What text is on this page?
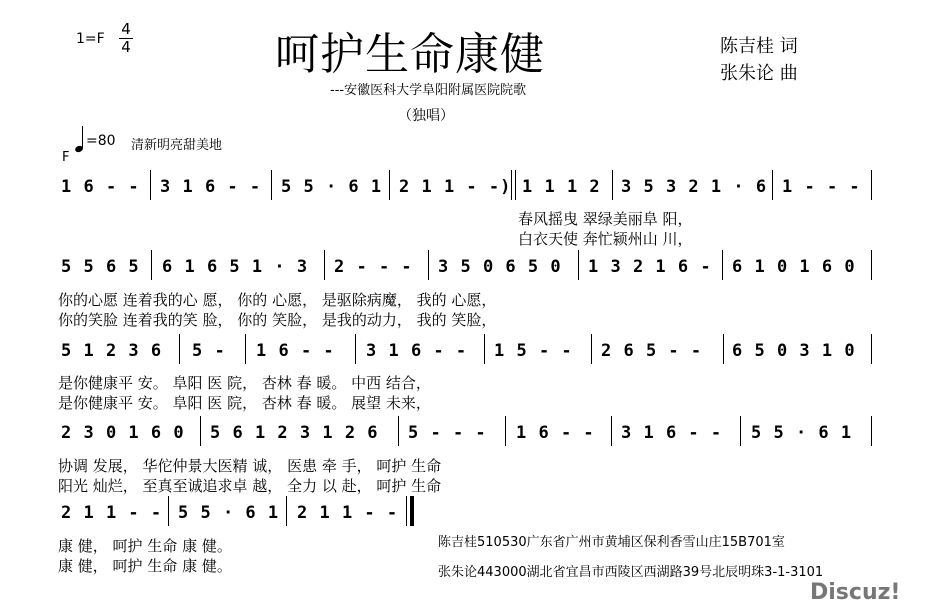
呵护生命康健
---安徽医科大学阜阳附属医院院歌
（独唱）
1=F
4
4	陈吉桂 词
张朱论 曲
=80
F
清新明亮甜美地
1 6 - - 3 1 6 - - 5 5 · 6 1 2 1 1 - -) 1 1 1 2 3 5 3 2 1 · 6 1 - - -
春风摇曳 翠绿美丽阜 阳，
白衣天使 奔忙颍州山 川，
5 5 6 5 6 1 6 5 1 · 3 2 - - - 3 5 0 6 5 0 1 3 2 1 6 - 6 1 0 1 6 0
你的心愿 连着我的心 愿， 你的 心愿， 是驱除病魔， 我的 心愿，
你的笑脸 连着我的笑 脸， 你的 笑脸， 是我的动力， 我的 笑脸，
5 1 2 3 6 5 - 1 6 - - 3 1 6 - - 1 5 - - 2 6 5 - - 6 5 0 3 1 0
是你健康平 安。 阜阳 医 院， 杏林 春 暖。 中西 结合，
是你健康平 安。 阜阳 医 院， 杏林 春 暖。 展望 未来，
2 3 0 1 6 0 5 6 1 2 3 1 2 6 5 - - - 1 6 - - 3 1 6 - - 5 5 · 6 1
协调 发展， 华佗仲景大医精 诚， 医患 牵 手， 呵护 生命
阳光 灿烂， 至真至诚追求卓 越， 全力 以 赴， 呵护 生命
2 1 1 - - 5 5 · 6 1 2 1 1 - -
康 健， 呵护 生命 康 健。
康 健， 呵护 生命 康 健。
陈吉桂510530广东省广州市黄埔区保利香雪山庄15B701室
张朱论443000湖北省宜昌市西陵区西湖路39号北辰明珠3-1-3101
Discuz!
